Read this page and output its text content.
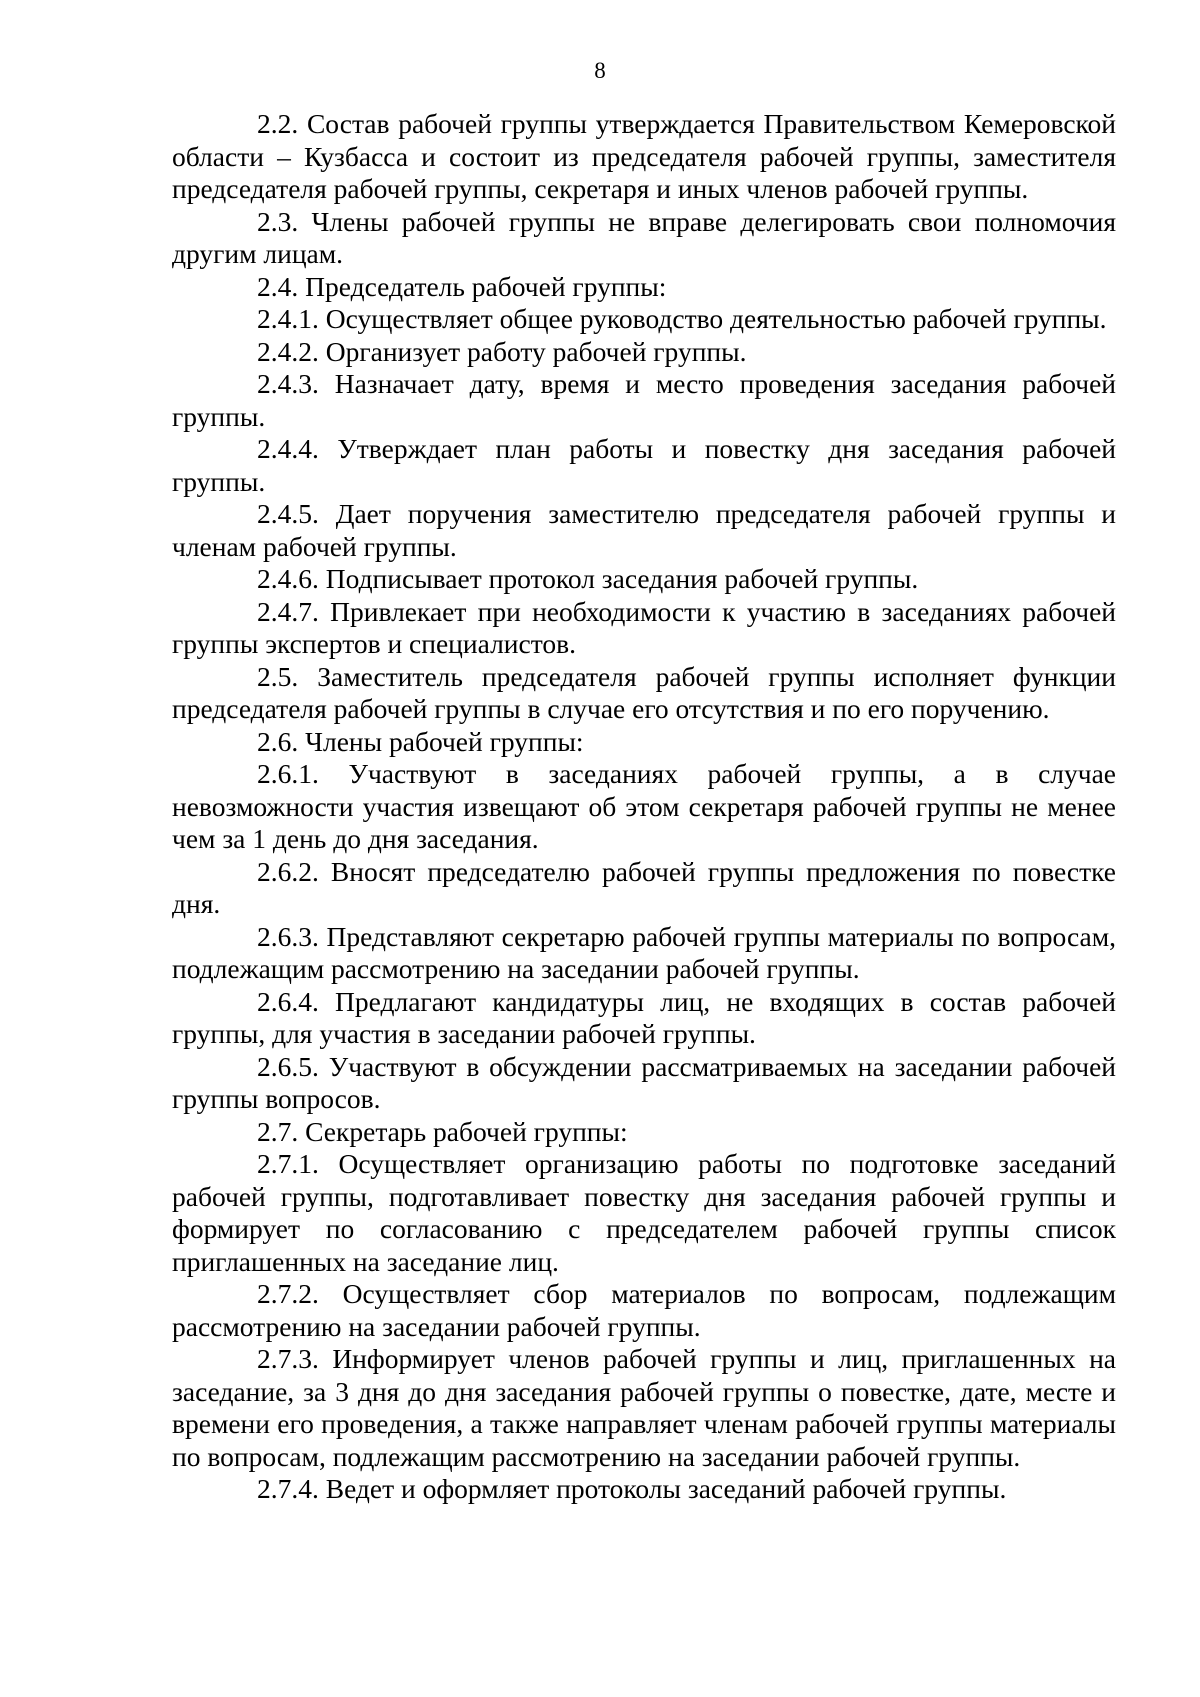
8

2.2. Состав рабочей группы утверждается Правительством Кемеровской области – Кузбасса и состоит из председателя рабочей группы, заместителя председателя рабочей группы, секретаря и иных членов рабочей группы.

2.3. Члены рабочей группы не вправе делегировать свои полномочия другим лицам.

2.4. Председатель рабочей группы:

2.4.1. Осуществляет общее руководство деятельностью рабочей группы.

2.4.2. Организует работу рабочей группы.

2.4.3. Назначает дату, время и место проведения заседания рабочей группы.

2.4.4. Утверждает план работы и повестку дня заседания рабочей группы.

2.4.5. Дает поручения заместителю председателя рабочей группы и членам рабочей группы.

2.4.6. Подписывает протокол заседания рабочей группы.

2.4.7. Привлекает при необходимости к участию в заседаниях рабочей группы экспертов и специалистов.

2.5. Заместитель председателя рабочей группы исполняет функции председателя рабочей группы в случае его отсутствия и по его поручению.

2.6. Члены рабочей группы:

2.6.1. Участвуют в заседаниях рабочей группы, а в случае невозможности участия извещают об этом секретаря рабочей группы не менее чем за 1 день до дня заседания.

2.6.2. Вносят председателю рабочей группы предложения по повестке дня.

2.6.3. Представляют секретарю рабочей группы материалы по вопросам, подлежащим рассмотрению на заседании рабочей группы.

2.6.4. Предлагают кандидатуры лиц, не входящих в состав рабочей группы, для участия в заседании рабочей группы.

2.6.5. Участвуют в обсуждении рассматриваемых на заседании рабочей группы вопросов.

2.7. Секретарь рабочей группы:

2.7.1. Осуществляет организацию работы по подготовке заседаний рабочей группы, подготавливает повестку дня заседания рабочей группы и формирует по согласованию с председателем рабочей группы список приглашенных на заседание лиц.

2.7.2. Осуществляет сбор материалов по вопросам, подлежащим рассмотрению на заседании рабочей группы.

2.7.3. Информирует членов рабочей группы и лиц, приглашенных на заседание, за 3 дня до дня заседания рабочей группы о повестке, дате, месте и времени его проведения, а также направляет членам рабочей группы материалы по вопросам, подлежащим рассмотрению на заседании рабочей группы.

2.7.4. Ведет и оформляет протоколы заседаний рабочей группы.
